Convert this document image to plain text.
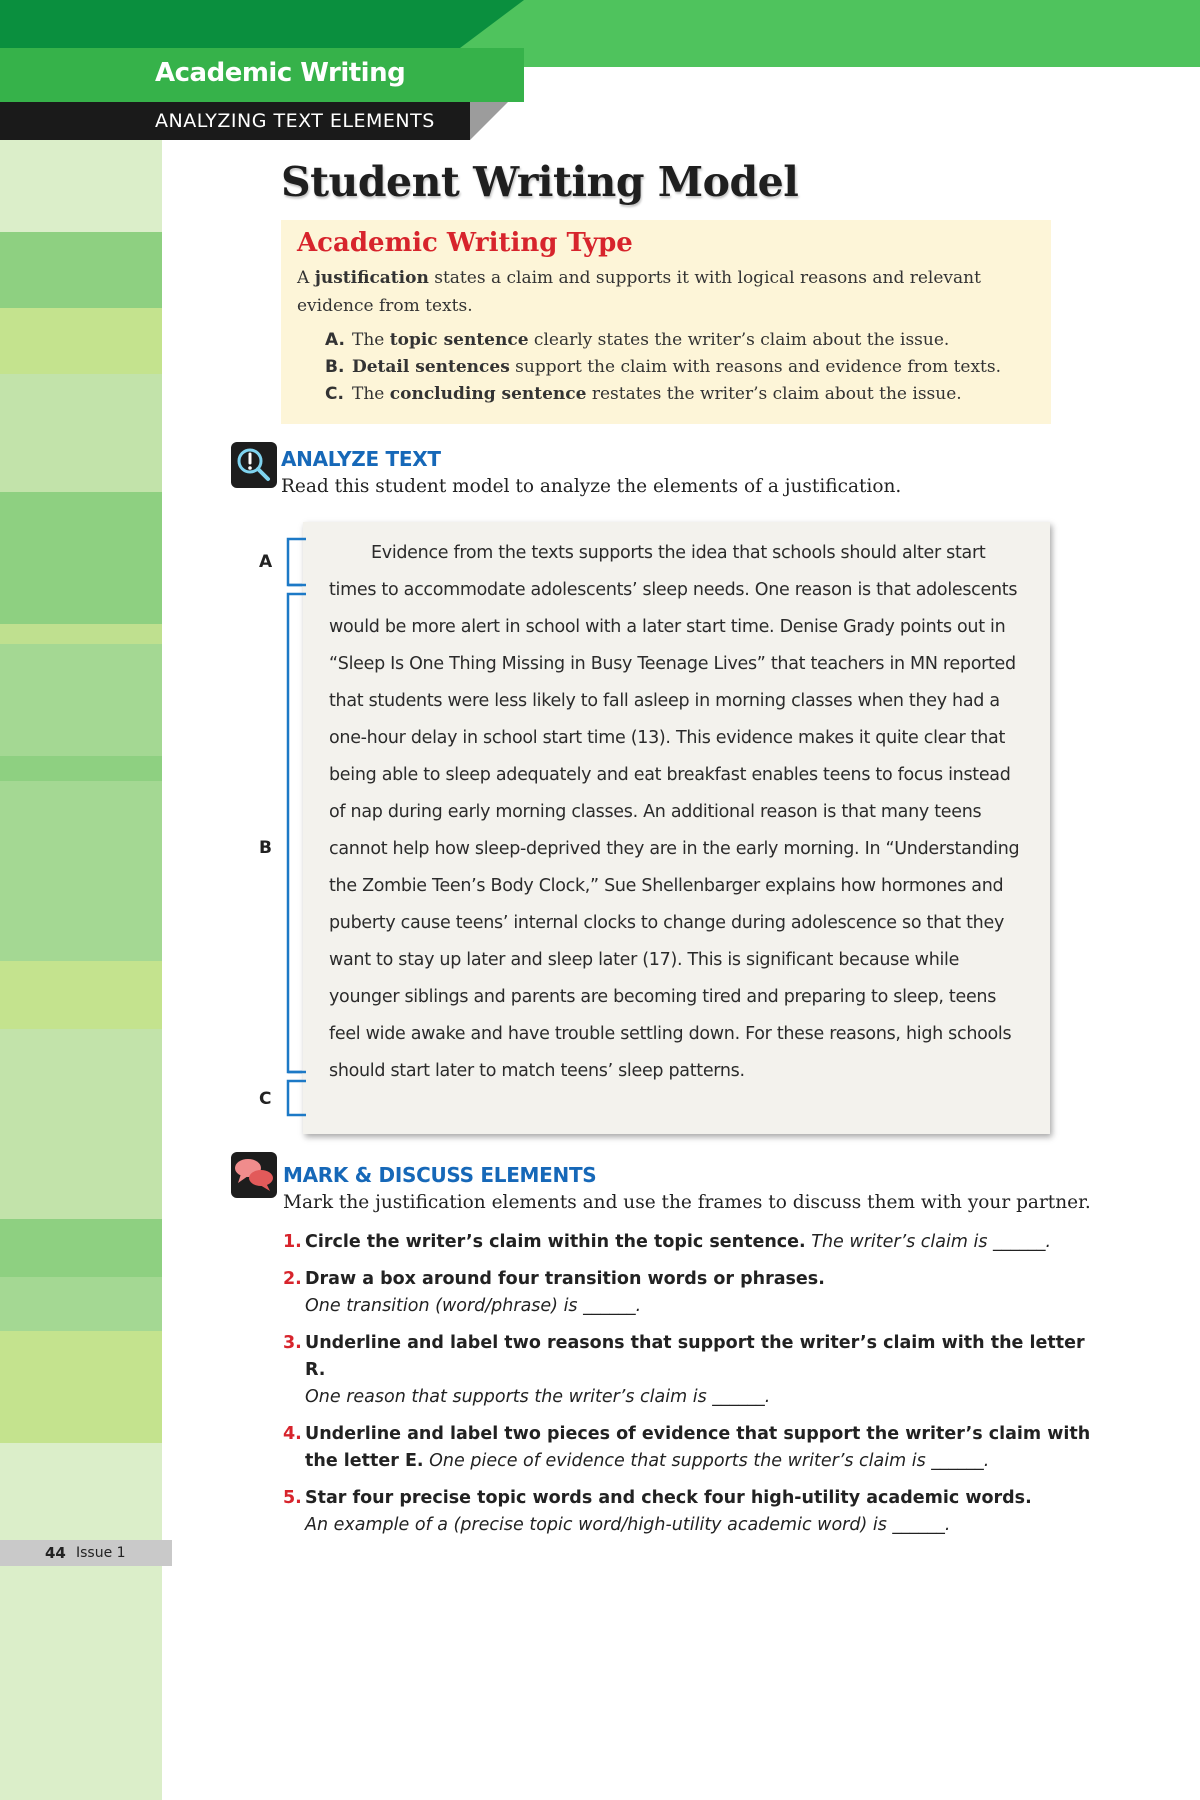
Academic Writing
ANALYZING TEXT ELEMENTS
Student Writing Model
Academic Writing Type

A justification states a claim and supports it with logical reasons and relevant evidence from texts.

A. The topic sentence clearly states the writer’s claim about the issue.
B. Detail sentences support the claim with reasons and evidence from texts.
C. The concluding sentence restates the writer’s claim about the issue.
ANALYZE TEXT
Read this student model to analyze the elements of a justification.
A
B
C

Evidence from the texts supports the idea that schools should alter start times to accommodate adolescents’ sleep needs. One reason is that adolescents would be more alert in school with a later start time. Denise Grady points out in “Sleep Is One Thing Missing in Busy Teenage Lives” that teachers in MN reported that students were less likely to fall asleep in morning classes when they had a one-hour delay in school start time (13). This evidence makes it quite clear that being able to sleep adequately and eat breakfast enables teens to focus instead of nap during early morning classes. An additional reason is that many teens cannot help how sleep-deprived they are in the early morning. In “Understanding the Zombie Teen’s Body Clock,” Sue Shellenbarger explains how hormones and puberty cause teens’ internal clocks to change during adolescence so that they want to stay up later and sleep later (17). This is significant because while younger siblings and parents are becoming tired and preparing to sleep, teens feel wide awake and have trouble settling down. For these reasons, high schools should start later to match teens’ sleep patterns.

MARK & DISCUSS ELEMENTS
Mark the justification elements and use the frames to discuss them with your partner.
1. Circle the writer’s claim within the topic sentence. The writer’s claim is ______.
2. Draw a box around four transition words or phrases.
One transition (word/phrase) is ______.
3. Underline and label two reasons that support the writer’s claim with the letter R.
One reason that supports the writer’s claim is ______.
4. Underline and label two pieces of evidence that support the writer’s claim with the letter E. One piece of evidence that supports the writer’s claim is ______.
5. Star four precise topic words and check four high-utility academic words.
An example of a (precise topic word/high-utility academic word) is ______.
44 Issue 1
